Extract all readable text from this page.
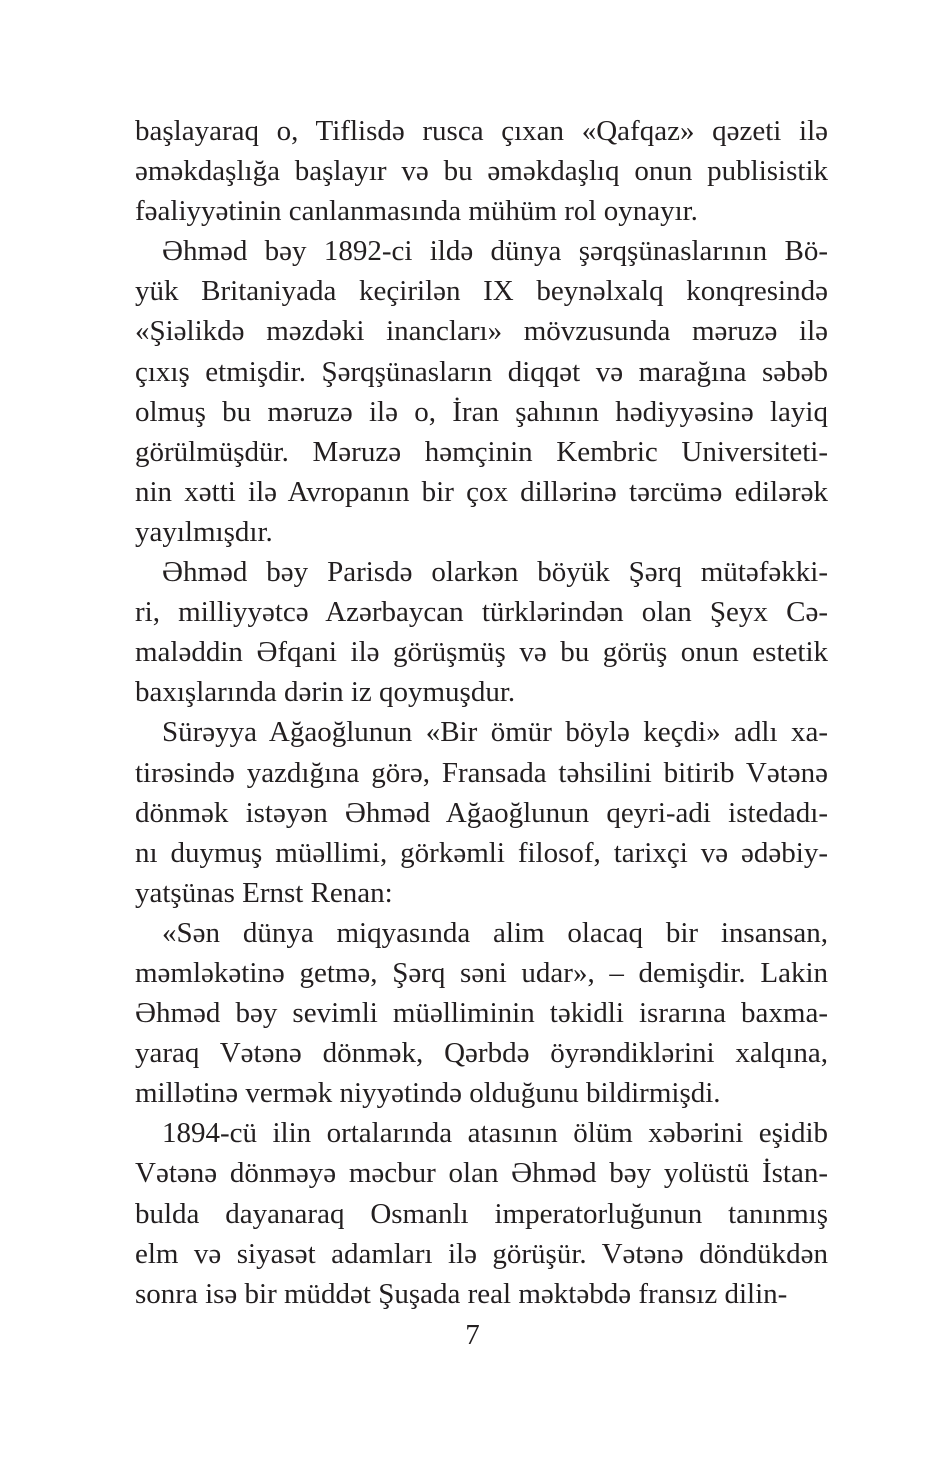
başlayaraq o, Tiflisdə rusca çıxan «Qafqaz» qəzeti ilə
əməkdaşlığa başlayır və bu əməkdaşlıq onun publisistik
fəaliyyətinin canlanmasında mühüm rol oynayır.
Əhməd bəy 1892-ci ildə dünya şərqşünaslarının Bö-
yük Britaniyada keçirilən IX beynəlxalq konqresində
«Şiəlikdə məzdəki inancları» mövzusunda məruzə ilə
çıxış etmişdir. Şərqşünasların diqqət və marağına səbəb
olmuş bu məruzə ilə o, İran şahının hədiyyəsinə layiq
görülmüşdür. Məruzə həmçinin Kembric Universiteti-
nin xətti ilə Avropanın bir çox dillərinə tərcümə edilərək
yayılmışdır.
Əhməd bəy Parisdə olarkən böyük Şərq mütəfəkki-
ri, milliyyətcə Azərbaycan türklərindən olan Şeyx Cə-
maləddin Əfqani ilə görüşmüş və bu görüş onun estetik
baxışlarında dərin iz qoymuşdur.
Sürəyya Ağaoğlunun «Bir ömür böylə keçdi» adlı xa-
tirəsində yazdığına görə, Fransada təhsilini bitirib Vətənə
dönmək istəyən Əhməd Ağaoğlunun qeyri-adi istedadı-
nı duymuş müəllimi, görkəmli filosof, tarixçi və ədəbiy-
yatşünas Ernst Renan:
«Sən dünya miqyasında alim olacaq bir insansan,
məmləkətinə getmə, Şərq səni udar», – demişdir. Lakin
Əhməd bəy sevimli müəlliminin təkidli israrına baxma-
yaraq Vətənə dönmək, Qərbdə öyrəndiklərini xalqına,
millətinə vermək niyyətində olduğunu bildirmişdi.
1894-cü ilin ortalarında atasının ölüm xəbərini eşidib
Vətənə dönməyə məcbur olan Əhməd bəy yolüstü İstan-
bulda dayanaraq Osmanlı imperatorluğunun tanınmış
elm və siyasət adamları ilə görüşür. Vətənə döndükdən
sonra isə bir müddət Şuşada real məktəbdə fransız dilin-
7
